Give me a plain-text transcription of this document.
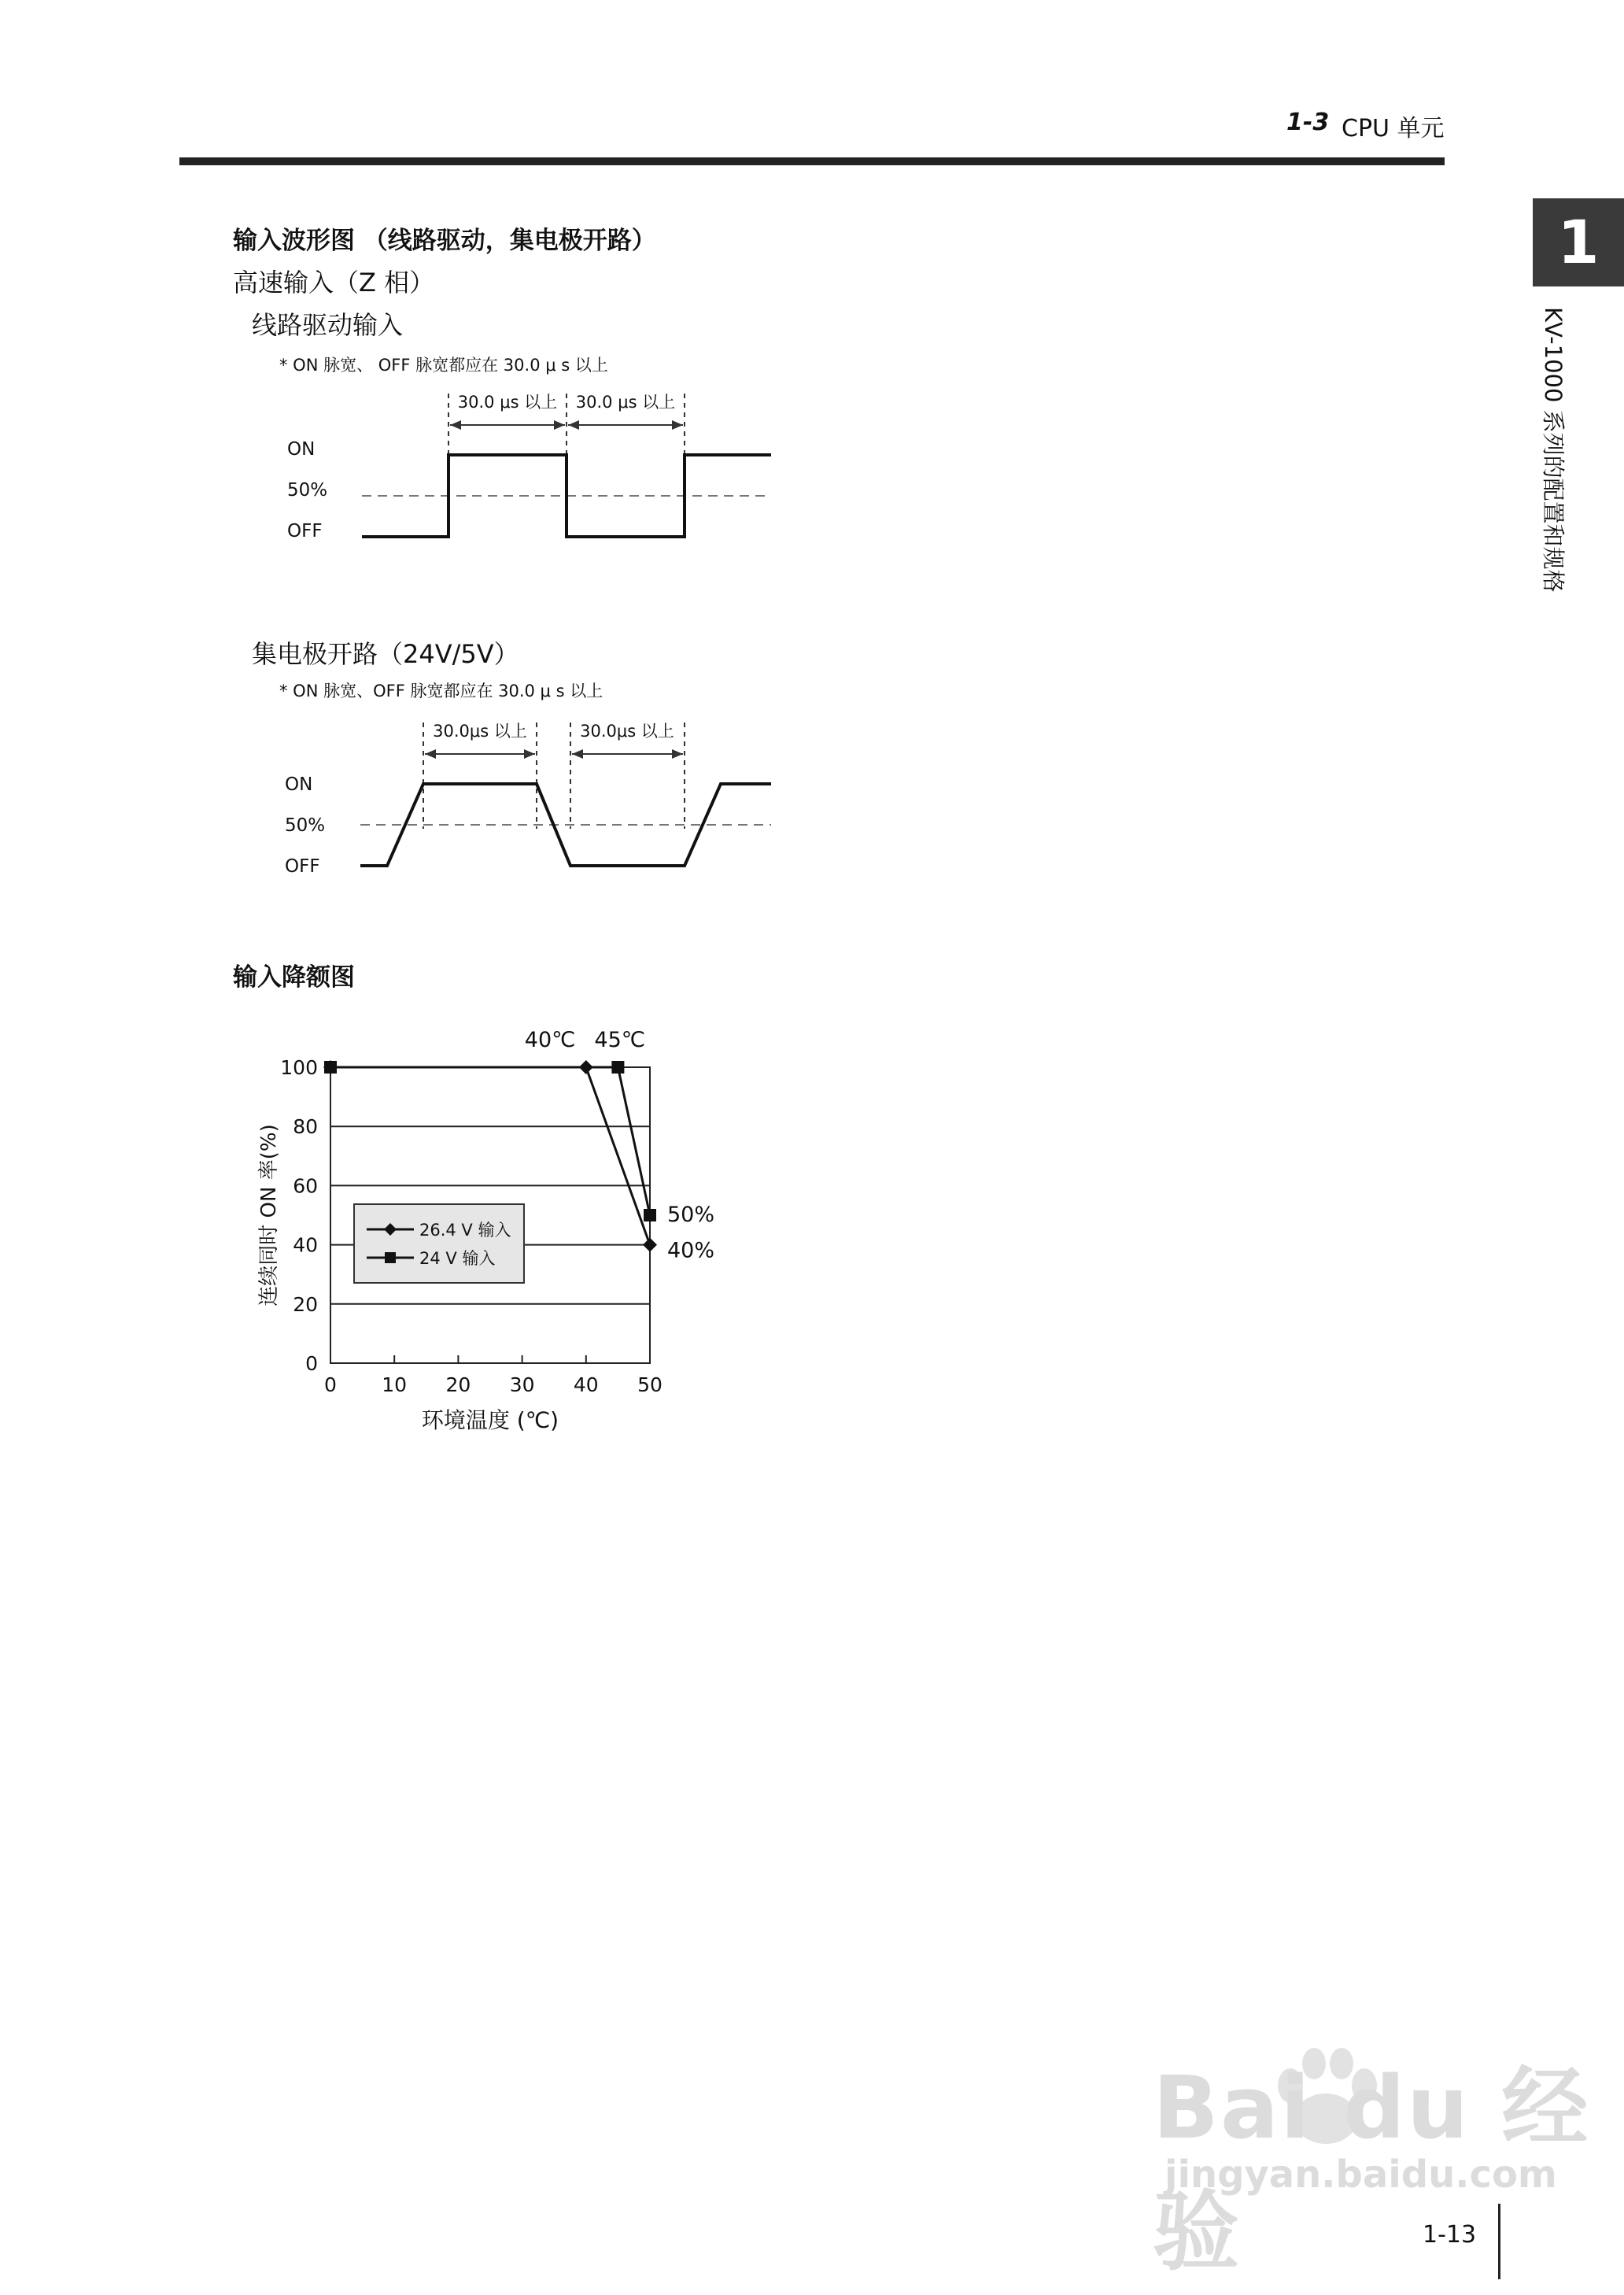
1-3 CPU 单元
1
KV-1000 系列的配置和规格
输入波形图 （线路驱动，集电极开路）
高速输入（Z 相）
线路驱动输入
* ON 脉宽、 OFF 脉宽都应在 30.0 μ s 以上
30.0 μs 以上 30.0 μs 以上
ON
50%
OFF
集电极开路（24V/5V）
* ON 脉宽、OFF 脉宽都应在 30.0 μ s 以上
30.0μs 以上	30.0μs 以上
ON
50%
OFF
输入降额图
0
20
40
60
80
100
0 10 20 30 40 50
连续同时 ON 率(%)
环境温度 (℃)
40℃ 45℃
50%
40%
26.4 V 输入
24 V 输入
1-13
Bai du 经验
jingyan.baidu.com
